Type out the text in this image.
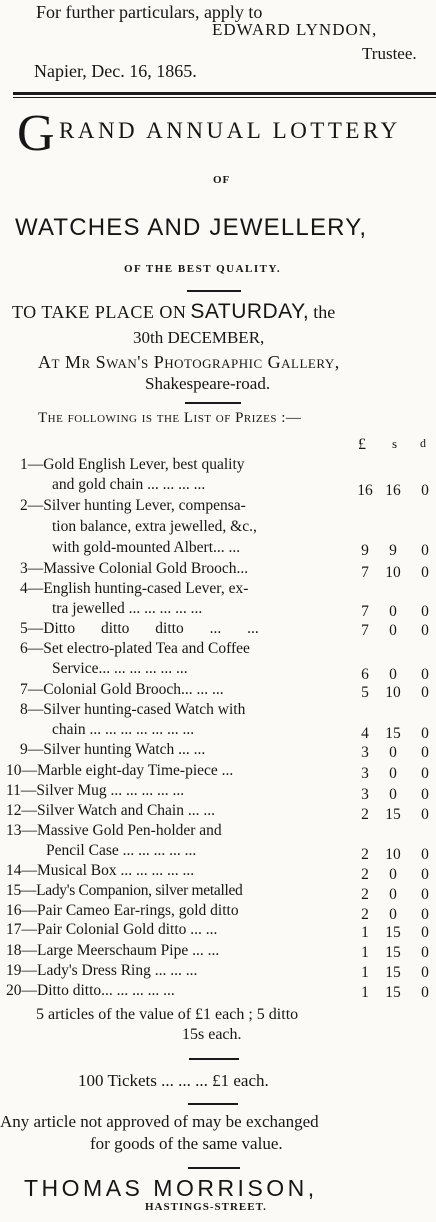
For further particulars, apply to
EDWARD LYNDON,
Trustee.
Napier, Dec. 16, 1865.
G RAND ANNUAL LOTTERY
OF
WATCHES AND JEWELLERY,
OF THE BEST QUALITY.
TO TAKE PLACE ON SATURDAY, the
30th DECEMBER,
At Mr Swan's Photographic Gallery,
Shakespeare-road.
The following is the List of Prizes :—
£ s d
1—Gold English Lever, best quality
and gold chain ... ... ... ...	16 16	0
2—Silver hunting Lever, compensa-
tion balance, extra jewelled, &c.,
with gold-mounted Albert... ...	9	9	0
3—Massive Colonial Gold Brooch...	7	10	0
4—English hunting-cased Lever, ex-
tra jewelled ... ... ... ... ...	7	0	0
5—Ditto ditto ditto ... ...	7	0	0
6—Set electro-plated Tea and Coffee
Service... ... ... ... ... ...	6	0	0
7—Colonial Gold Brooch... ... ...	5	10	0
8—Silver hunting-cased Watch with
chain ... ... ... ... ... ... ...	4	15	0
9—Silver hunting Watch ... ...	3	0	0
10—Marble eight-day Time-piece ...	3	0	0
11—Silver Mug ... ... ... ... ...	3	0	0
12—Silver Watch and Chain ... ...	2	15	0
13—Massive Gold Pen-holder and
Pencil Case ... ... ... ... ...	2	10	0
14—Musical Box ... ... ... ... ...	2	0	0
15—Lady's Companion, silver metalled	2	0	0
16—Pair Cameo Ear-rings, gold ditto	2	0	0
17—Pair Colonial Gold ditto ... ...	1	15	0
18—Large Meerschaum Pipe ... ...	1	15	0
19—Lady's Dress Ring ... ... ...	1	15	0
20—Ditto ditto... ... ... ... ...	1	15	0
5 articles of the value of £1 each ; 5 ditto
15s each.
100 Tickets ... ... ... £1 each.
Any article not approved of may be exchanged
for goods of the same value.
THOMAS MORRISON,
HASTINGS-STREET.
